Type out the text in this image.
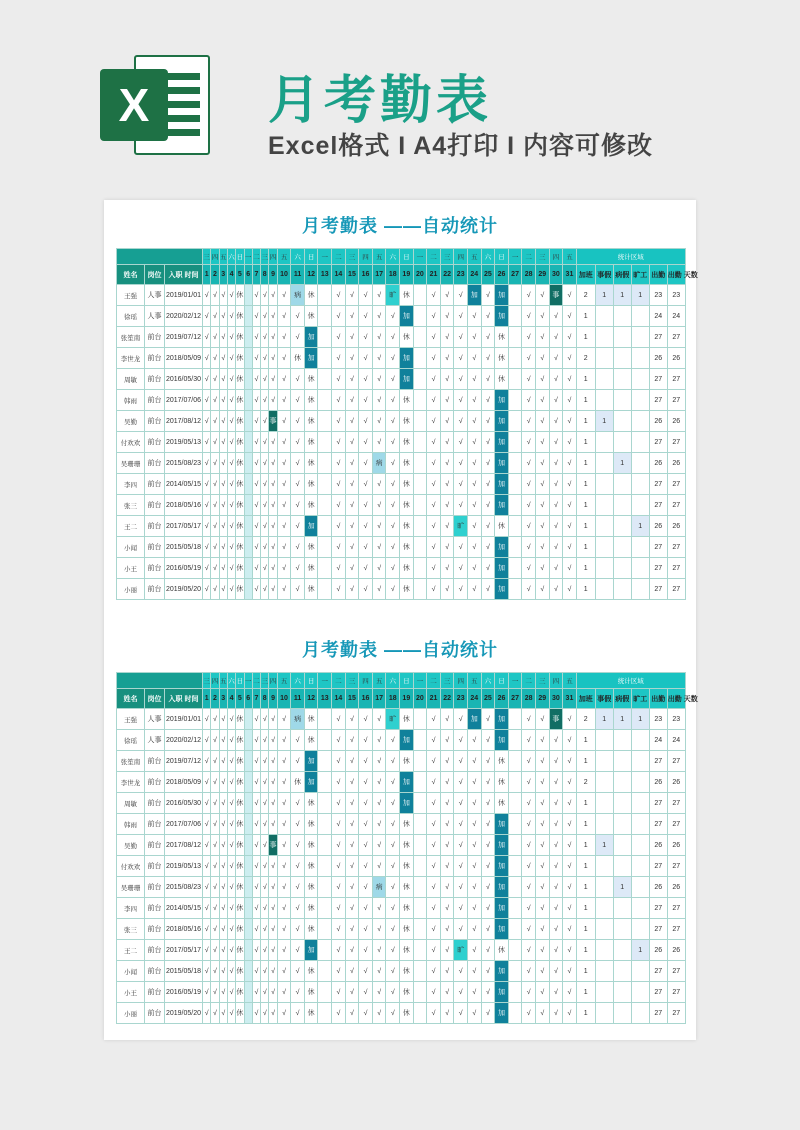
X	月考勤表
Excel格式 I A4打印 I 内容可修改
月考勤表 ——自动统计
			三	四	五	六	日	一	二	三	四	五	六	日	一	二	三	四	五	六	日	一	二	三	四	五	六	日	一	二	三	四	五	统计区域					
姓名	岗位	入职 时间	1	2	3	4	5	6	7	8	9	10	11	12	13	14	15	16	17	18	19	20	21	22	23	24	25	26	27	28	29	30	31	加班	事假	病假	旷工	出勤	出勤 天数
王强	人事	2019/01/01	√	√	√	√	休		√	√	√	√	病	休		√	√	√	√	旷	休		√	√	√	加	√	加		√	√	事	√	2	1	1	1	23	23
徐瑶	人事	2020/02/12	√	√	√	√	休		√	√	√	√	√	休		√	√	√	√	√	加		√	√	√	√	√	加		√	√	√	√	1				24	24
张笙南	前台	2019/07/12	√	√	√	√	休		√	√	√	√	√	加		√	√	√	√	√	休		√	√	√	√	√	休		√	√	√	√	1				27	27
李世龙	前台	2018/05/09	√	√	√	√	休		√	√	√	√	休	加		√	√	√	√	√	加		√	√	√	√	√	休		√	√	√	√	2				26	26
周敏	前台	2016/05/30	√	√	√	√	休		√	√	√	√	√	休		√	√	√	√	√	加		√	√	√	√	√	休		√	√	√	√	1				27	27
韩雨	前台	2017/07/06	√	√	√	√	休		√	√	√	√	√	休		√	√	√	√	√	休		√	√	√	√	√	加		√	√	√	√	1				27	27
吴勤	前台	2017/08/12	√	√	√	√	休		√	√	事	√	√	休		√	√	√	√	√	休		√	√	√	√	√	加		√	√	√	√	1	1			26	26
付欢欢	前台	2019/05/13	√	√	√	√	休		√	√	√	√	√	休		√	√	√	√	√	休		√	√	√	√	√	加		√	√	√	√	1				27	27
吴珊珊	前台	2015/08/23	√	√	√	√	休		√	√	√	√	√	休		√	√	√	病	√	休		√	√	√	√	√	加		√	√	√	√	1		1		26	26
李四	前台	2014/05/15	√	√	√	√	休		√	√	√	√	√	休		√	√	√	√	√	休		√	√	√	√	√	加		√	√	√	√	1				27	27
张三	前台	2018/05/16	√	√	√	√	休		√	√	√	√	√	休		√	√	√	√	√	休		√	√	√	√	√	加		√	√	√	√	1				27	27
王二	前台	2017/05/17	√	√	√	√	休		√	√	√	√	√	加		√	√	√	√	√	休		√	√	旷	√	√	休		√	√	√	√	1			1	26	26
小闻	前台	2015/05/18	√	√	√	√	休		√	√	√	√	√	休		√	√	√	√	√	休		√	√	√	√	√	加		√	√	√	√	1				27	27
小王	前台	2016/05/19	√	√	√	√	休		√	√	√	√	√	休		√	√	√	√	√	休		√	√	√	√	√	加		√	√	√	√	1				27	27
小丽	前台	2019/05/20	√	√	√	√	休		√	√	√	√	√	休		√	√	√	√	√	休		√	√	√	√	√	加		√	√	√	√	1				27	27
月考勤表 ——自动统计
			三	四	五	六	日	一	二	三	四	五	六	日	一	二	三	四	五	六	日	一	二	三	四	五	六	日	一	二	三	四	五	统计区域					
姓名	岗位	入职 时间	1	2	3	4	5	6	7	8	9	10	11	12	13	14	15	16	17	18	19	20	21	22	23	24	25	26	27	28	29	30	31	加班	事假	病假	旷工	出勤	出勤 天数
王强	人事	2019/01/01	√	√	√	√	休		√	√	√	√	病	休		√	√	√	√	旷	休		√	√	√	加	√	加		√	√	事	√	2	1	1	1	23	23
徐瑶	人事	2020/02/12	√	√	√	√	休		√	√	√	√	√	休		√	√	√	√	√	加		√	√	√	√	√	加		√	√	√	√	1				24	24
张笙南	前台	2019/07/12	√	√	√	√	休		√	√	√	√	√	加		√	√	√	√	√	休		√	√	√	√	√	休		√	√	√	√	1				27	27
李世龙	前台	2018/05/09	√	√	√	√	休		√	√	√	√	休	加		√	√	√	√	√	加		√	√	√	√	√	休		√	√	√	√	2				26	26
周敏	前台	2016/05/30	√	√	√	√	休		√	√	√	√	√	休		√	√	√	√	√	加		√	√	√	√	√	休		√	√	√	√	1				27	27
韩雨	前台	2017/07/06	√	√	√	√	休		√	√	√	√	√	休		√	√	√	√	√	休		√	√	√	√	√	加		√	√	√	√	1				27	27
吴勤	前台	2017/08/12	√	√	√	√	休		√	√	事	√	√	休		√	√	√	√	√	休		√	√	√	√	√	加		√	√	√	√	1	1			26	26
付欢欢	前台	2019/05/13	√	√	√	√	休		√	√	√	√	√	休		√	√	√	√	√	休		√	√	√	√	√	加		√	√	√	√	1				27	27
吴珊珊	前台	2015/08/23	√	√	√	√	休		√	√	√	√	√	休		√	√	√	病	√	休		√	√	√	√	√	加		√	√	√	√	1		1		26	26
李四	前台	2014/05/15	√	√	√	√	休		√	√	√	√	√	休		√	√	√	√	√	休		√	√	√	√	√	加		√	√	√	√	1				27	27
张三	前台	2018/05/16	√	√	√	√	休		√	√	√	√	√	休		√	√	√	√	√	休		√	√	√	√	√	加		√	√	√	√	1				27	27
王二	前台	2017/05/17	√	√	√	√	休		√	√	√	√	√	加		√	√	√	√	√	休		√	√	旷	√	√	休		√	√	√	√	1			1	26	26
小闻	前台	2015/05/18	√	√	√	√	休		√	√	√	√	√	休		√	√	√	√	√	休		√	√	√	√	√	加		√	√	√	√	1				27	27
小王	前台	2016/05/19	√	√	√	√	休		√	√	√	√	√	休		√	√	√	√	√	休		√	√	√	√	√	加		√	√	√	√	1				27	27
小丽	前台	2019/05/20	√	√	√	√	休		√	√	√	√	√	休		√	√	√	√	√	休		√	√	√	√	√	加		√	√	√	√	1				27	27
